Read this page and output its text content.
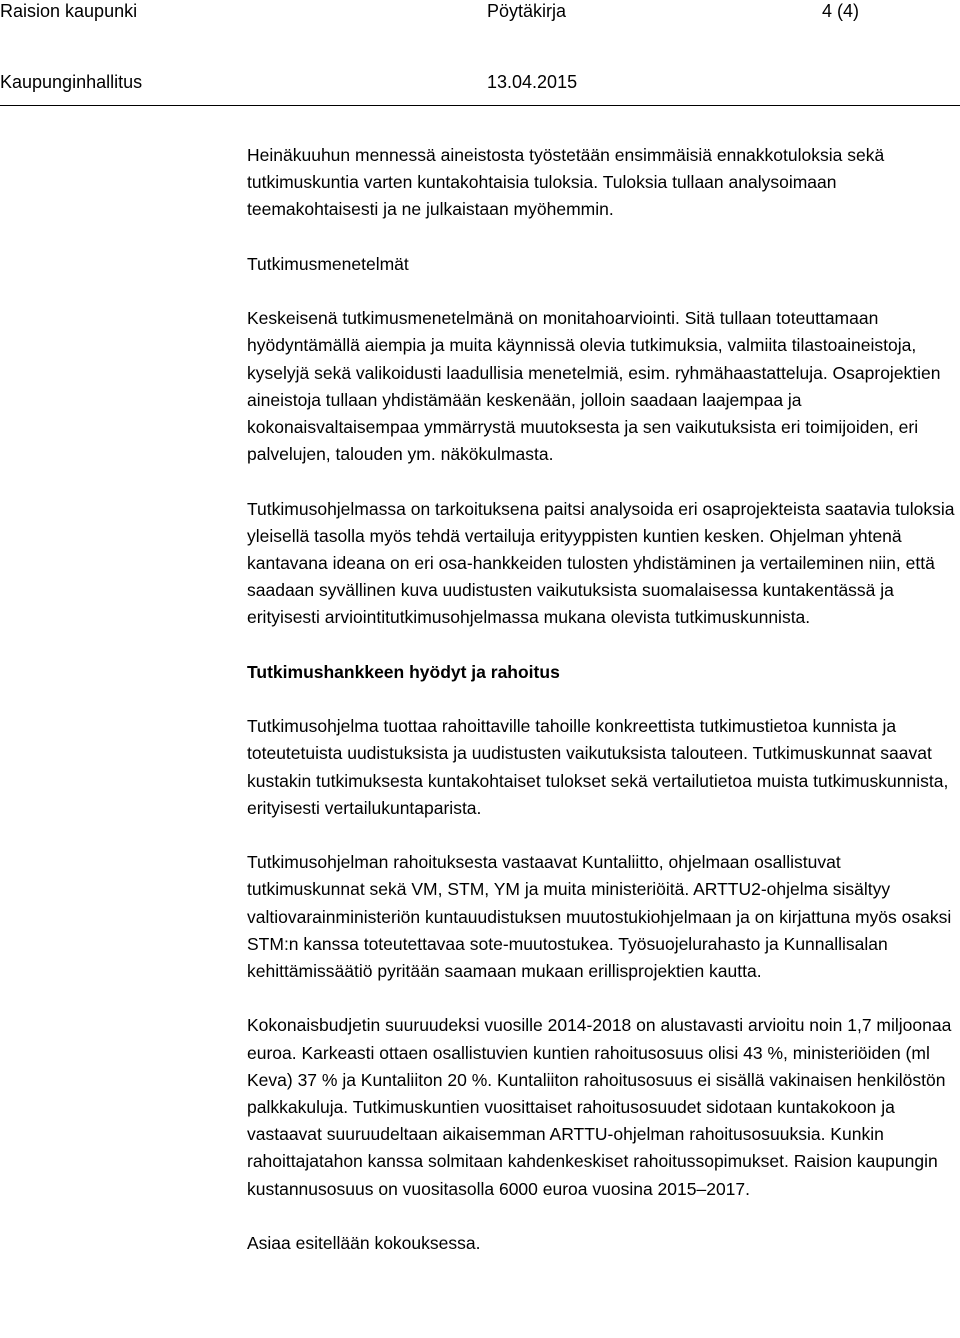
Raision kaupunki	Pöytäkirja	4 (4)
Kaupunginhallitus	13.04.2015

Heinäkuuhun mennessä aineistosta työstetään ensimmäisiä ennakkotuloksia sekä tutkimuskuntia varten kuntakohtaisia tuloksia. Tuloksia tullaan analysoimaan teemakohtaisesti ja ne julkaistaan myöhemmin.

Tutkimusmenetelmät

Keskeisenä tutkimusmenetelmänä on monitahoarviointi. Sitä tullaan toteuttamaan hyödyntämällä aiempia ja muita käynnissä olevia tutkimuksia, valmiita tilastoaineistoja, kyselyjä sekä valikoidusti laadullisia menetelmiä, esim. ryhmähaastatteluja. Osaprojektien aineistoja tullaan yhdistämään keskenään, jolloin saadaan laajempaa ja kokonaisvaltaisempaa ymmärrystä muutoksesta ja sen vaikutuksista eri toimijoiden, eri palvelujen, talouden ym. näkökulmasta.

Tutkimusohjelmassa on tarkoituksena paitsi analysoida eri osaprojekteista saatavia tuloksia yleisellä tasolla myös tehdä vertailuja erityyppisten kuntien kesken. Ohjelman yhtenä kantavana ideana on eri osa-hankkeiden tulosten yhdistäminen ja vertaileminen niin, että saadaan syvällinen kuva uudistusten vaikutuksista suomalaisessa kuntakentässä ja erityisesti arviointitutkimusohjelmassa mukana olevista tutkimuskunnista.

Tutkimushankkeen hyödyt ja rahoitus

Tutkimusohjelma tuottaa rahoittaville tahoille konkreettista tutkimustietoa kunnista ja toteutetuista uudistuksista ja uudistusten vaikutuksista talouteen. Tutkimuskunnat saavat kustakin tutkimuksesta kuntakohtaiset tulokset sekä vertailutietoa muista tutkimuskunnista, erityisesti vertailukuntaparista.

Tutkimusohjelman rahoituksesta vastaavat Kuntaliitto, ohjelmaan osallistuvat tutkimuskunnat sekä VM, STM, YM ja muita ministeriöitä. ARTTU2-ohjelma sisältyy valtiovarainministeriön kuntauudistuksen muutostukiohjelmaan ja on kirjattuna myös osaksi STM:n kanssa toteutettavaa sote-muutostukea. Työsuojelurahasto ja Kunnallisalan kehittämissäätiö pyritään saamaan mukaan erillisprojektien kautta.

Kokonaisbudjetin suuruudeksi vuosille 2014-2018 on alustavasti arvioitu noin 1,7 miljoonaa euroa. Karkeasti ottaen osallistuvien kuntien rahoitusosuus olisi 43 %, ministeriöiden (ml Keva) 37 % ja Kuntaliiton 20 %. Kuntaliiton rahoitusosuus ei sisällä vakinaisen henkilöstön palkkakuluja. Tutkimuskuntien vuosittaiset rahoitusosuudet sidotaan kuntakokoon ja vastaavat suuruudeltaan aikaisemman ARTTU-ohjelman rahoitusosuuksia. Kunkin rahoittajatahon kanssa solmitaan kahdenkeskiset rahoitussopimukset. Raision kaupungin kustannusosuus on vuositasolla 6000 euroa vuosina 2015–2017.

Asiaa esitellään kokouksessa.
